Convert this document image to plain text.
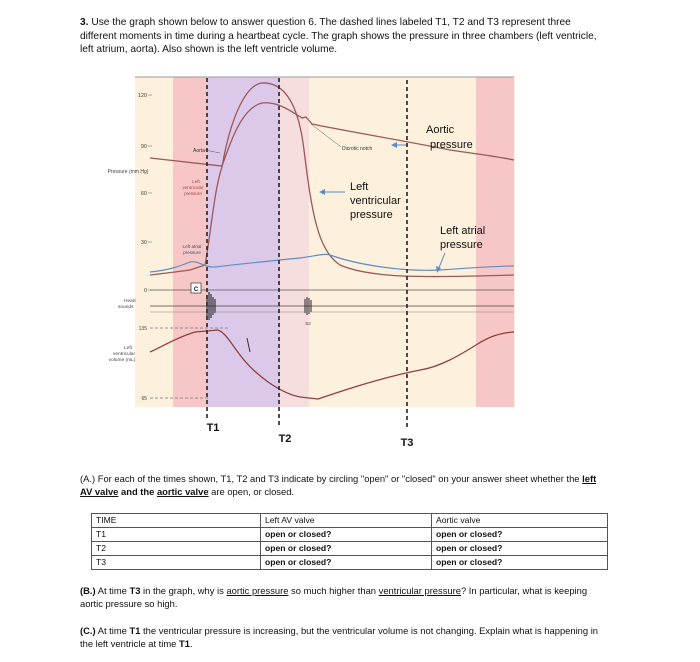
3. Use the graph shown below to answer question 6. The dashed lines labeled T1, T2 and T3 represent three different moments in time during a heartbeat cycle. The graph shows the pressure in three chambers (left ventricle, left atrium, aorta). Also shown is the left ventricle volume.
120
90
60
30
0
Pressure (mm Hg)
Aorta
Left ventricular pressure
Left atrial pressure
Dicrotic notch
Aortic pressure
Heart sounds
C
S2
135
Left ventricular volume (mL)
65
T1
T2	T3
Left ventricular pressure
Left atrial pressure
(A.) For each of the times shown, T1, T2 and T3 indicate by circling "open" or "closed" on your answer sheet whether the left AV valve and the aortic valve are open, or closed.
TIME	Left AV valve	Aortic valve
T1	open or closed?	open or closed?
T2	open or closed?	open or closed?
T3	open or closed?	open or closed?
(B.) At time T3 in the graph, why is aortic pressure so much higher than ventricular pressure? In particular, what is keeping aortic pressure so high.
(C.) At time T1 the ventricular pressure is increasing, but the ventricular volume is not changing. Explain what is happening in the left ventricle at time T1.
